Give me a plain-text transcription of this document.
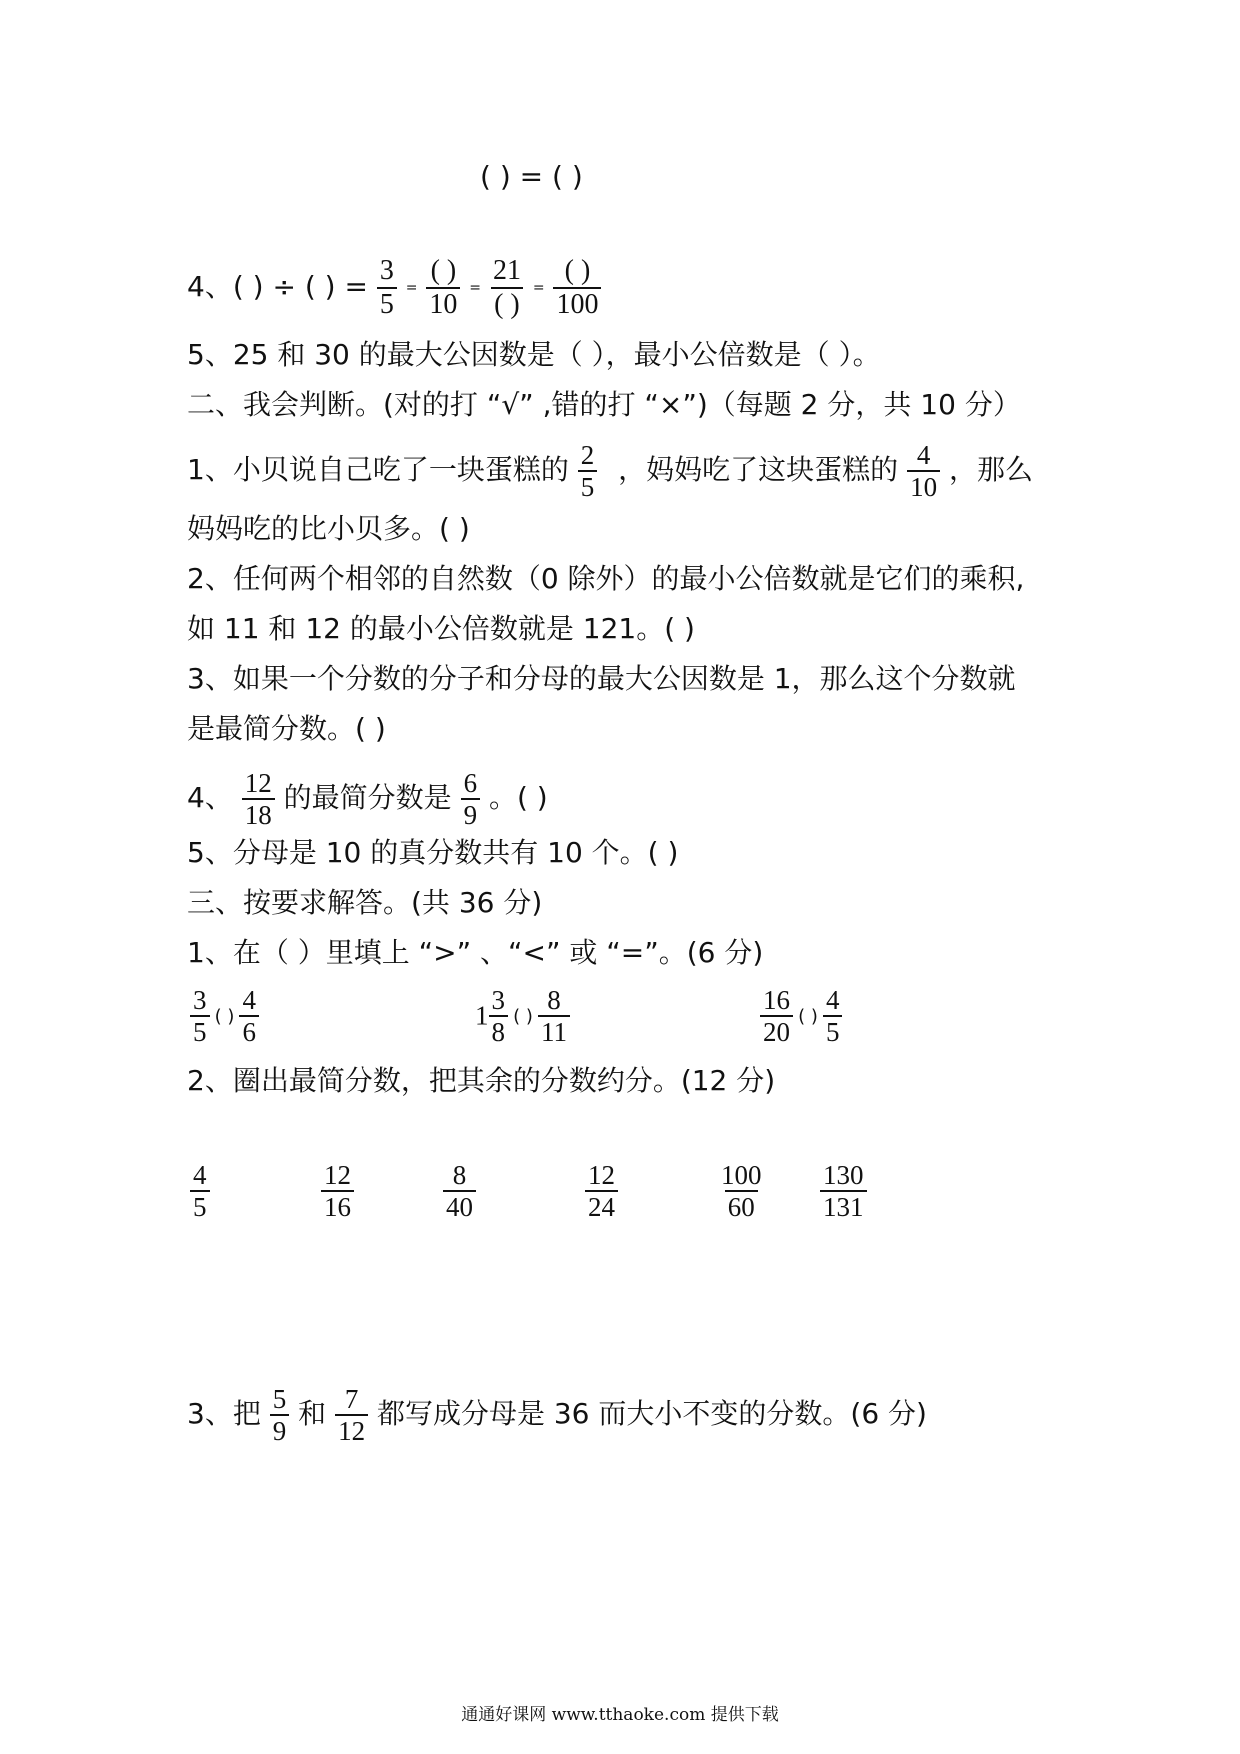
( ) = ( )
4、( ) ÷ ( ) = $\frac{3}{5} = \frac{( )}{10} = \frac{21}{( )} = \frac{( )}{100}$
5、25 和 30 的最大公因数是（ ），最小公倍数是（ ）。
二、我会判断。(对的打 “√” ,错的打 “×”)（每题 2 分，共 10 分）
1、小贝说自己吃了一块蛋糕的 $\frac{2}{5}$ ，妈妈吃了这块蛋糕的 $\frac{4}{10}$ ，那么
妈妈吃的比小贝多。( )
2、任何两个相邻的自然数（0 除外）的最小公倍数就是它们的乘积,
如 11 和 12 的最小公倍数就是 121。( )
3、如果一个分数的分子和分母的最大公因数是 1，那么这个分数就
是最简分数。( )
4、 $\frac{12}{18}$ 的最简分数是 $\frac{6}{9}$ 。( )
5、分母是 10 的真分数共有 10 个。( )
三、按要求解答。(共 36 分)
1、在（ ）里填上 “>” 、“<” 或 “=”。(6 分)
$\frac{3}{5}$ ( ) $\frac{4}{6}$	$1 \frac{3}{8}$ ( ) $\frac{8}{11}$	$\frac{16}{20}$ ( ) $\frac{4}{5}$
2、圈出最简分数，把其余的分数约分。(12 分)
$\frac{4}{5}$	$\frac{12}{16}$	$\frac{8}{40}$	$\frac{12}{24}$	$\frac{100}{60} \frac{130}{131}$
3、把 $\frac{5}{9}$ 和 $\frac{7}{12}$ 都写成分母是 36 而大小不变的分数。(6 分)
通通好课网 www.tthaoke.com 提供下载
